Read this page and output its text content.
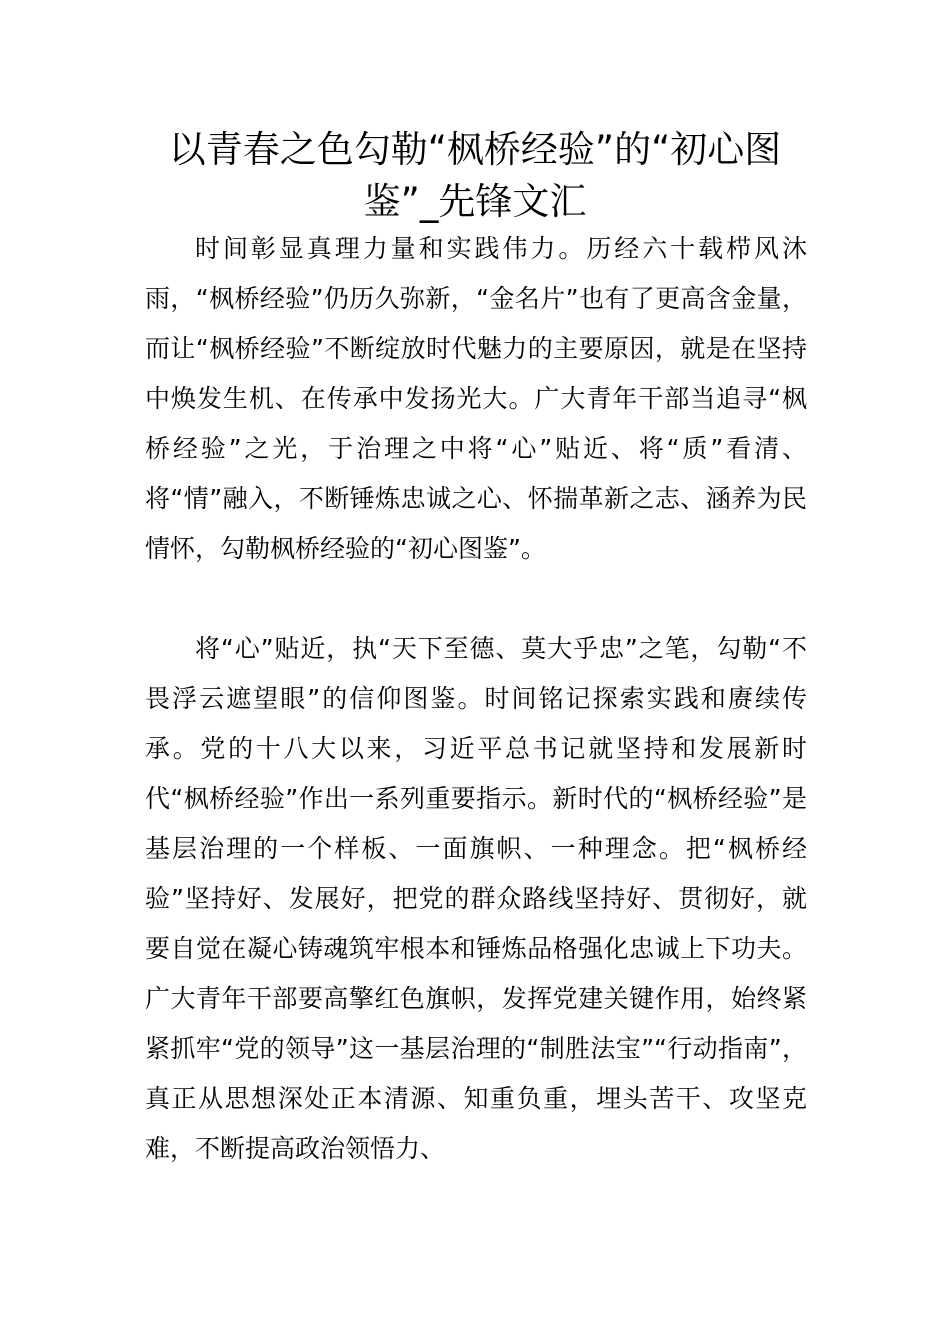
以青春之色勾勒“枫桥经验”的“初心图鉴”_先锋文汇

时间彰显真理力量和实践伟力。历经六十载栉风沐雨，“枫桥经验”仍历久弥新，“金名片”也有了更高含金量，而让“枫桥经验”不断绽放时代魅力的主要原因，就是在坚持中焕发生机、在传承中发扬光大。广大青年干部当追寻“枫桥经验”之光，于治理之中将“心”贴近、将“质”看清、将“情”融入，不断锤炼忠诚之心、怀揣革新之志、涵养为民情怀，勾勒枫桥经验的“初心图鉴”。

将“心”贴近，执“天下至德、莫大乎忠”之笔，勾勒“不畏浮云遮望眼”的信仰图鉴。时间铭记探索实践和赓续传承。党的十八大以来，习近平总书记就坚持和发展新时代“枫桥经验”作出一系列重要指示。新时代的“枫桥经验”是基层治理的一个样板、一面旗帜、一种理念。把“枫桥经验”坚持好、发展好，把党的群众路线坚持好、贯彻好，就要自觉在凝心铸魂筑牢根本和锤炼品格强化忠诚上下功夫。广大青年干部要高擎红色旗帜，发挥党建关键作用，始终紧紧抓牢“党的领导”这一基层治理的“制胜法宝”“行动指南”，真正从思想深处正本清源、知重负重，埋头苦干、攻坚克难，不断提高政治领悟力、
